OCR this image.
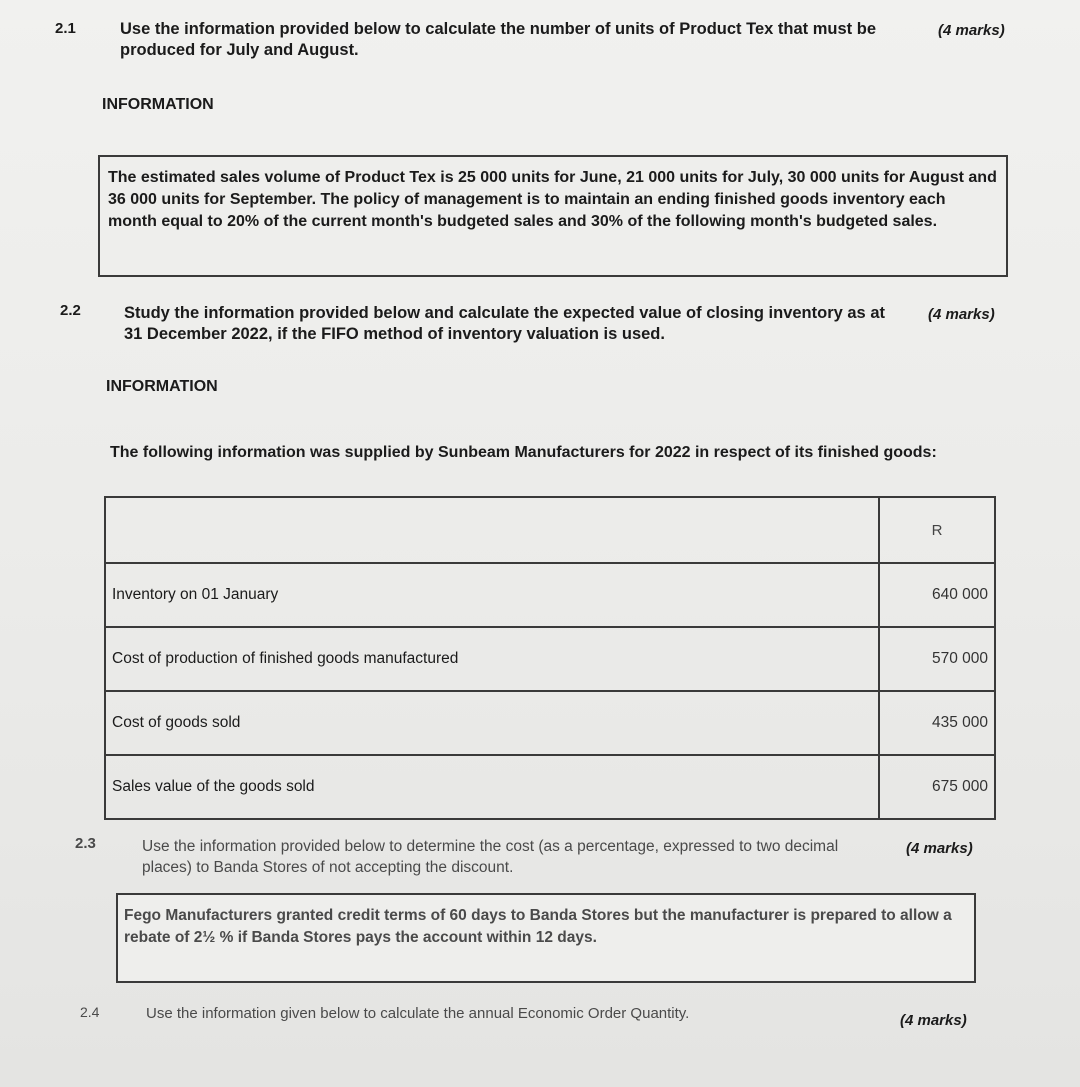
2.1	Use the information provided below to calculate the number of units of Product Tex that must be produced for July and August.
(4 marks)
INFORMATION

The estimated sales volume of Product Tex is 25 000 units for June, 21 000 units for July, 30 000 units for August and 36 000 units for September. The policy of management is to maintain an ending finished goods inventory each month equal to 20% of the current month's budgeted sales and 30% of the following month's budgeted sales.

2.2	Study the information provided below and calculate the expected value of closing inventory as at 31 December 2022, if the FIFO method of inventory valuation is used.
(4 marks)
INFORMATION
The following information was supplied by Sunbeam Manufacturers for 2022 in respect of its finished goods:
	R
Inventory on 01 January	640 000
Cost of production of finished goods manufactured	570 000
Cost of goods sold	435 000
Sales value of the goods sold	675 000
2.3	Use the information provided below to determine the cost (as a percentage, expressed to two decimal places) to Banda Stores of not accepting the discount.
(4 marks)

Fego Manufacturers granted credit terms of 60 days to Banda Stores but the manufacturer is prepared to allow a rebate of 2½ % if Banda Stores pays the account within 12 days.

2.4	Use the information given below to calculate the annual Economic Order Quantity.	(4 marks)
